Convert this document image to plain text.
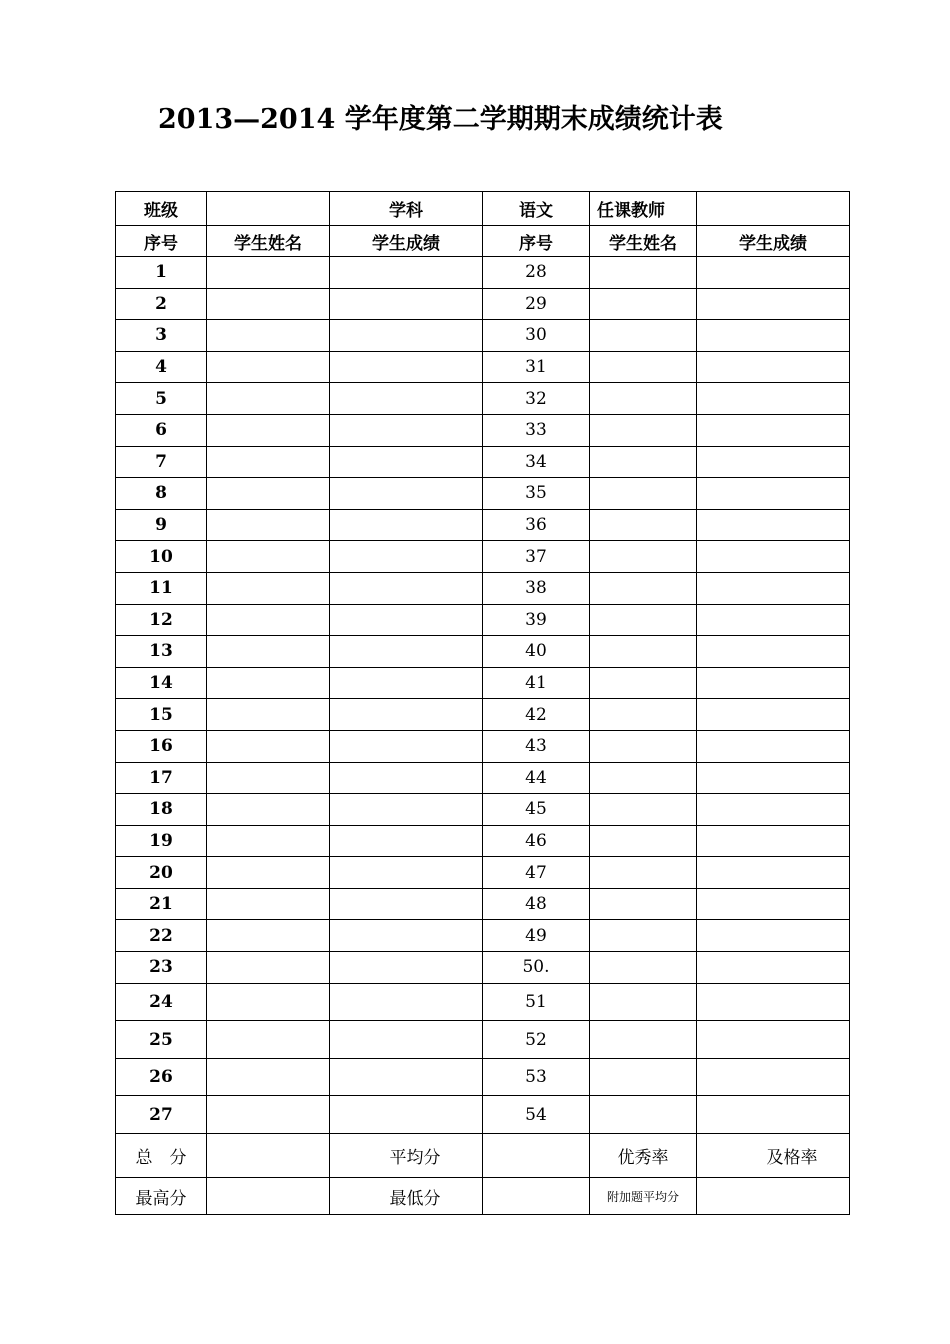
2013—2014 学年度第二学期期末成绩统计表
班级		学科	语文	任课教师	
序号	学生姓名	学生成绩	序号	学生姓名	学生成绩
1			28		
2			29		
3			30		
4			31		
5			32		
6			33		
7			34		
8			35		
9			36		
10			37		
11			38		
12			39		
13			40		
14			41		
15			42		
16			43		
17			44		
18			45		
19			46		
20			47		
21			48		
22			49		
23			50.		
24			51		
25			52		
26			53		
27			54		
总　分		平均分		优秀率	及格率
最高分		最低分		附加题平均分	
